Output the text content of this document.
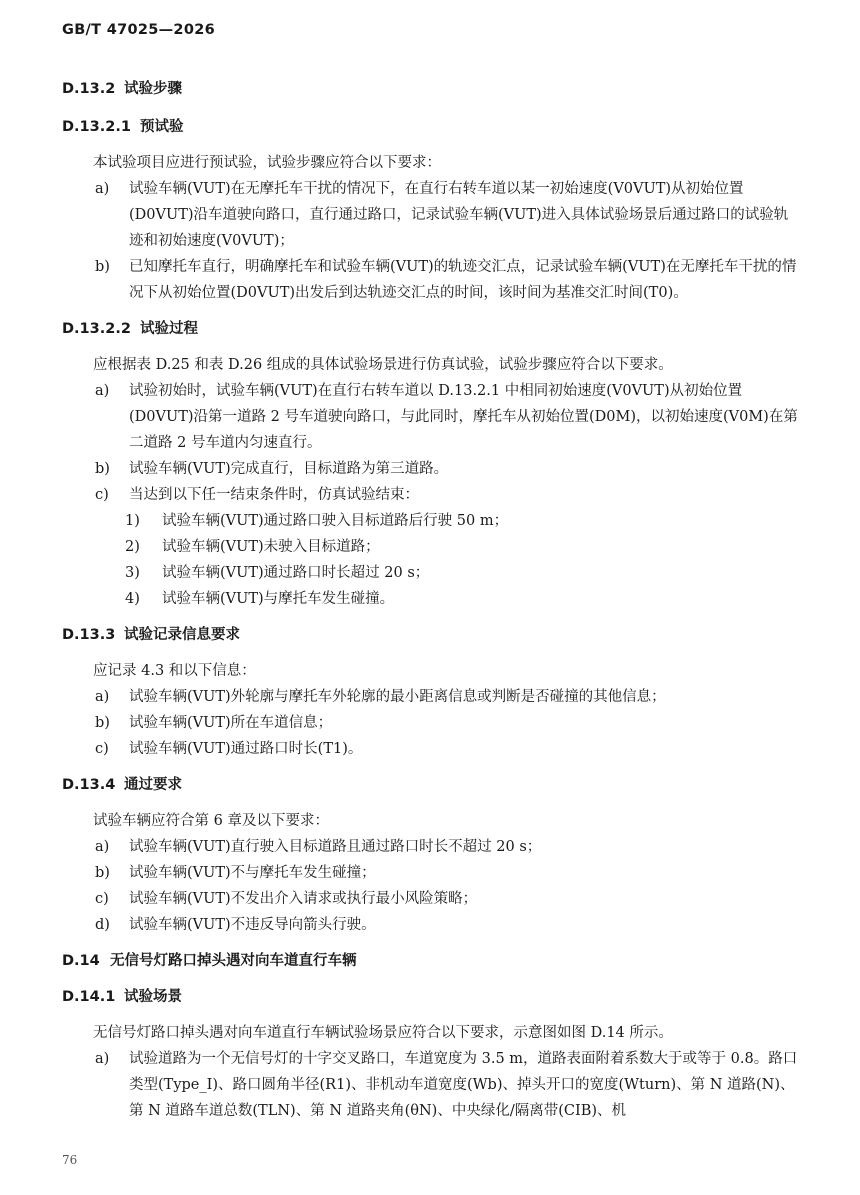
GB/T 47025—2026
D.13.2 试验步骤
D.13.2.1 预试验
本试验项目应进行预试验，试验步骤应符合以下要求：
a) 试验车辆(VUT)在无摩托车干扰的情况下，在直行右转车道以某一初始速度(V0VUT)从初始位置(D0VUT)沿车道驶向路口，直行通过路口，记录试验车辆(VUT)进入具体试验场景后通过路口的试验轨迹和初始速度(V0VUT)；
b) 已知摩托车直行，明确摩托车和试验车辆(VUT)的轨迹交汇点，记录试验车辆(VUT)在无摩托车干扰的情况下从初始位置(D0VUT)出发后到达轨迹交汇点的时间，该时间为基准交汇时间(T0)。
D.13.2.2 试验过程
应根据表 D.25 和表 D.26 组成的具体试验场景进行仿真试验，试验步骤应符合以下要求。
a) 试验初始时，试验车辆(VUT)在直行右转车道以 D.13.2.1 中相同初始速度(V0VUT)从初始位置(D0VUT)沿第一道路 2 号车道驶向路口，与此同时，摩托车从初始位置(D0M)，以初始速度(V0M)在第二道路 2 号车道内匀速直行。
b) 试验车辆(VUT)完成直行，目标道路为第三道路。
c) 当达到以下任一结束条件时，仿真试验结束：
1) 试验车辆(VUT)通过路口驶入目标道路后行驶 50 m；
2) 试验车辆(VUT)未驶入目标道路；
3) 试验车辆(VUT)通过路口时长超过 20 s；
4) 试验车辆(VUT)与摩托车发生碰撞。
D.13.3 试验记录信息要求
应记录 4.3 和以下信息：
a) 试验车辆(VUT)外轮廓与摩托车外轮廓的最小距离信息或判断是否碰撞的其他信息；
b) 试验车辆(VUT)所在车道信息；
c) 试验车辆(VUT)通过路口时长(T1)。
D.13.4 通过要求
试验车辆应符合第 6 章及以下要求：
a) 试验车辆(VUT)直行驶入目标道路且通过路口时长不超过 20 s；
b) 试验车辆(VUT)不与摩托车发生碰撞；
c) 试验车辆(VUT)不发出介入请求或执行最小风险策略；
d) 试验车辆(VUT)不违反导向箭头行驶。
D.14 无信号灯路口掉头遇对向车道直行车辆
D.14.1 试验场景
无信号灯路口掉头遇对向车道直行车辆试验场景应符合以下要求，示意图如图 D.14 所示。
a) 试验道路为一个无信号灯的十字交叉路口，车道宽度为 3.5 m，道路表面附着系数大于或等于 0.8。路口类型(Type_I)、路口圆角半径(R1)、非机动车道宽度(Wb)、掉头开口的宽度(Wturn)、第 N 道路(N)、第 N 道路车道总数(TLN)、第 N 道路夹角(θN)、中央绿化/隔离带(CIB)、机
76
